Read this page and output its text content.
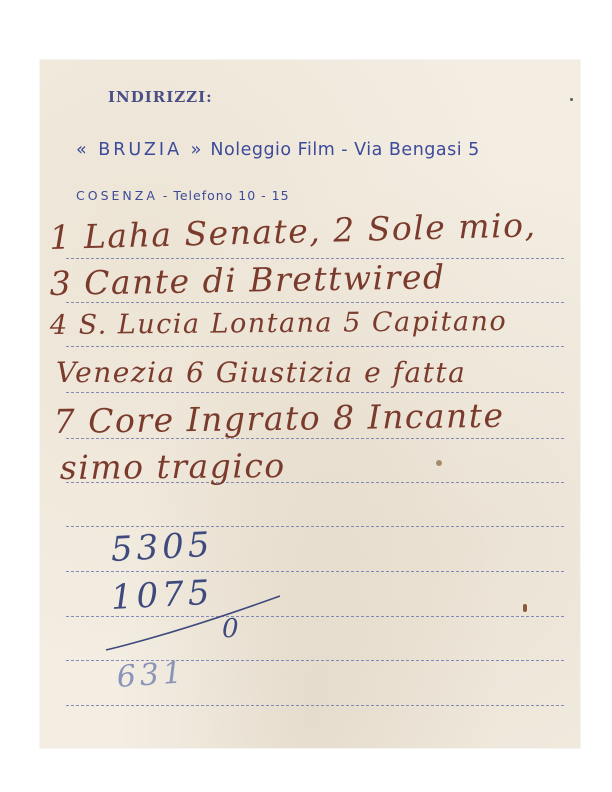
INDIRIZZI:
« BRUZIA » Noleggio Film - Via Bengasi 5
COSENZA - Telefono 10 - 15
1 Laha Senate, 2 Sole mio,
3 Cante di Brettwired
4 S. Lucia Lontana 5 Capitano
Venezia 6 Giustizia e fatta
7 Core Ingrato 8 Incante
simo tragico
5305
1075
0
631
